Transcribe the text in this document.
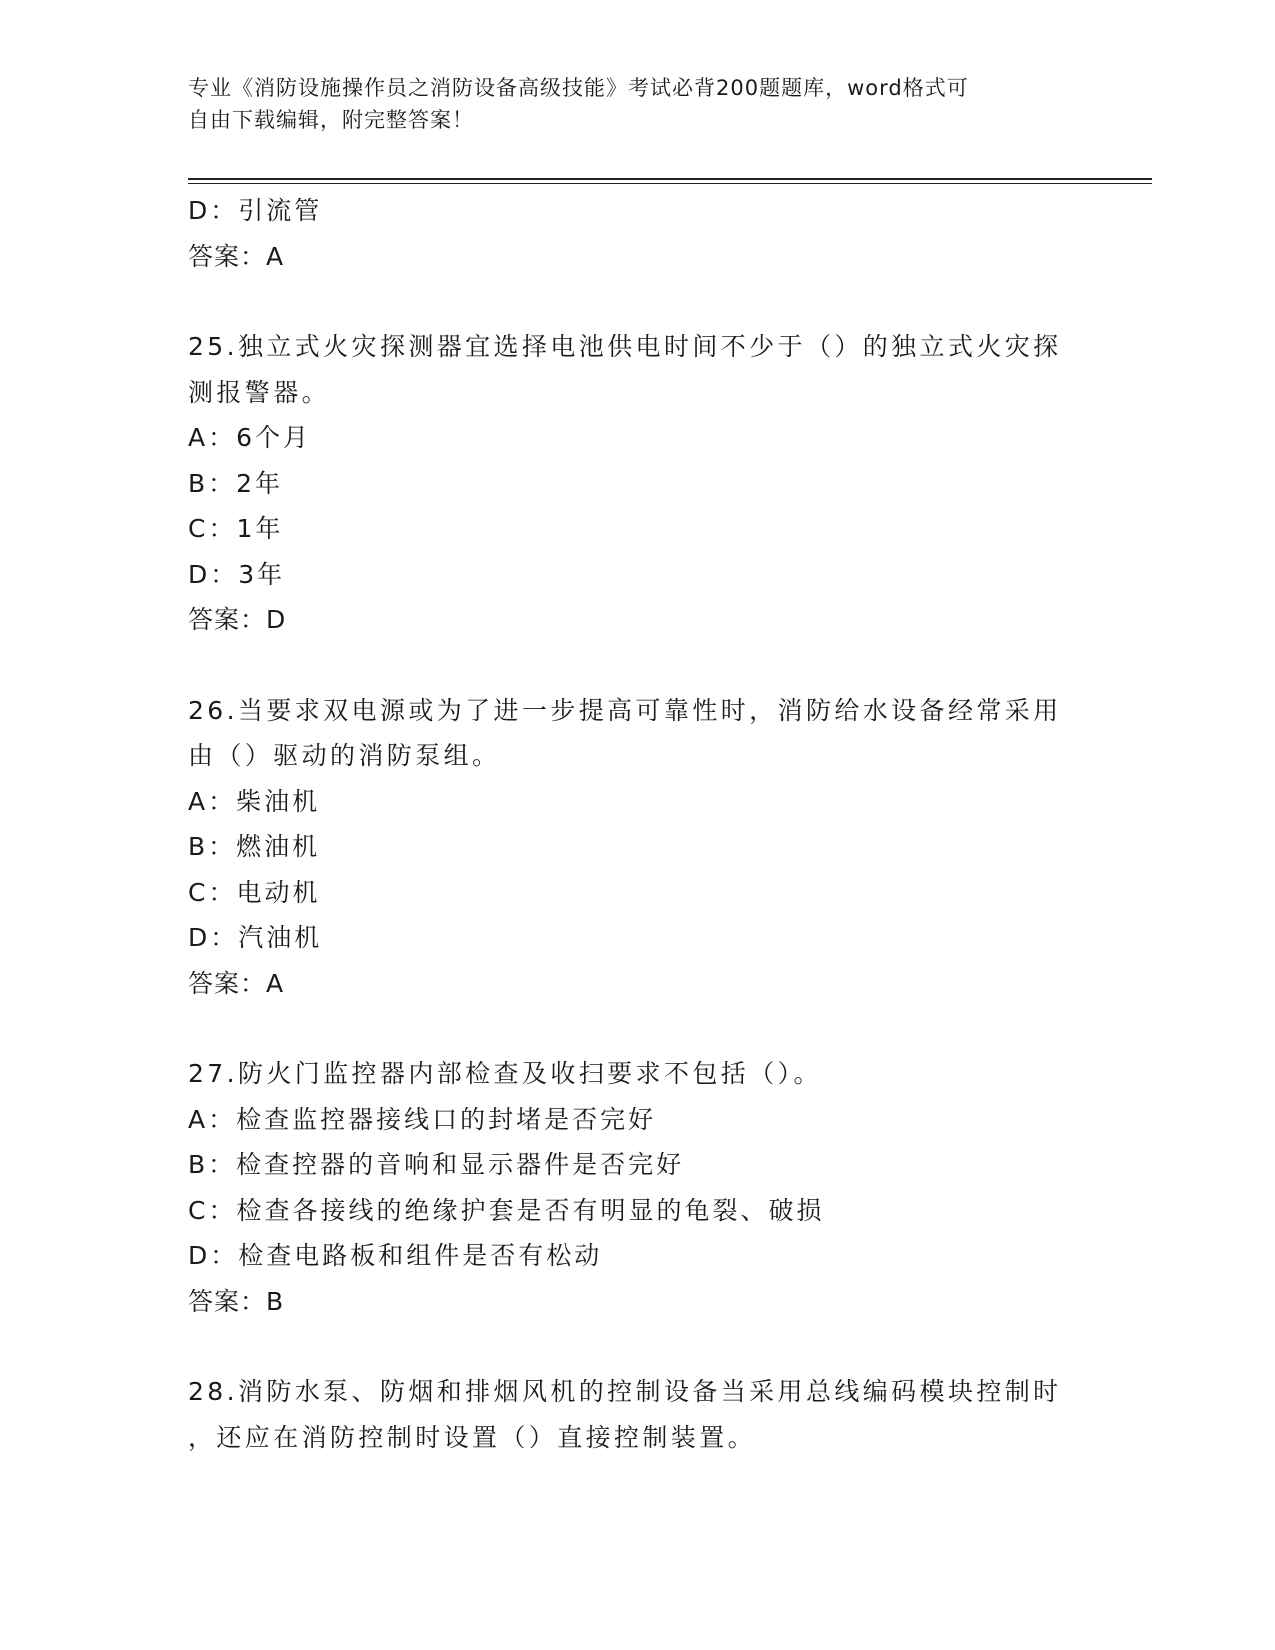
专业《消防设施操作员之消防设备高级技能》考试必背200题题库，word格式可
自由下载编辑，附完整答案！
D：引流管
答案：A
25.独立式火灾探测器宜选择电池供电时间不少于（）的独立式火灾探
测报警器。
A：6个月
B：2年
C：1年
D：3年
答案：D
26.当要求双电源或为了进一步提高可靠性时，消防给水设备经常采用
由（）驱动的消防泵组。
A：柴油机
B：燃油机
C：电动机
D：汽油机
答案：A
27.防火门监控器内部检查及收扫要求不包括（）。
A：检查监控器接线口的封堵是否完好
B：检查控器的音响和显示器件是否完好
C：检查各接线的绝缘护套是否有明显的龟裂、破损
D：检查电路板和组件是否有松动
答案：B
28.消防水泵、防烟和排烟风机的控制设备当采用总线编码模块控制时
，还应在消防控制时设置（）直接控制装置。
